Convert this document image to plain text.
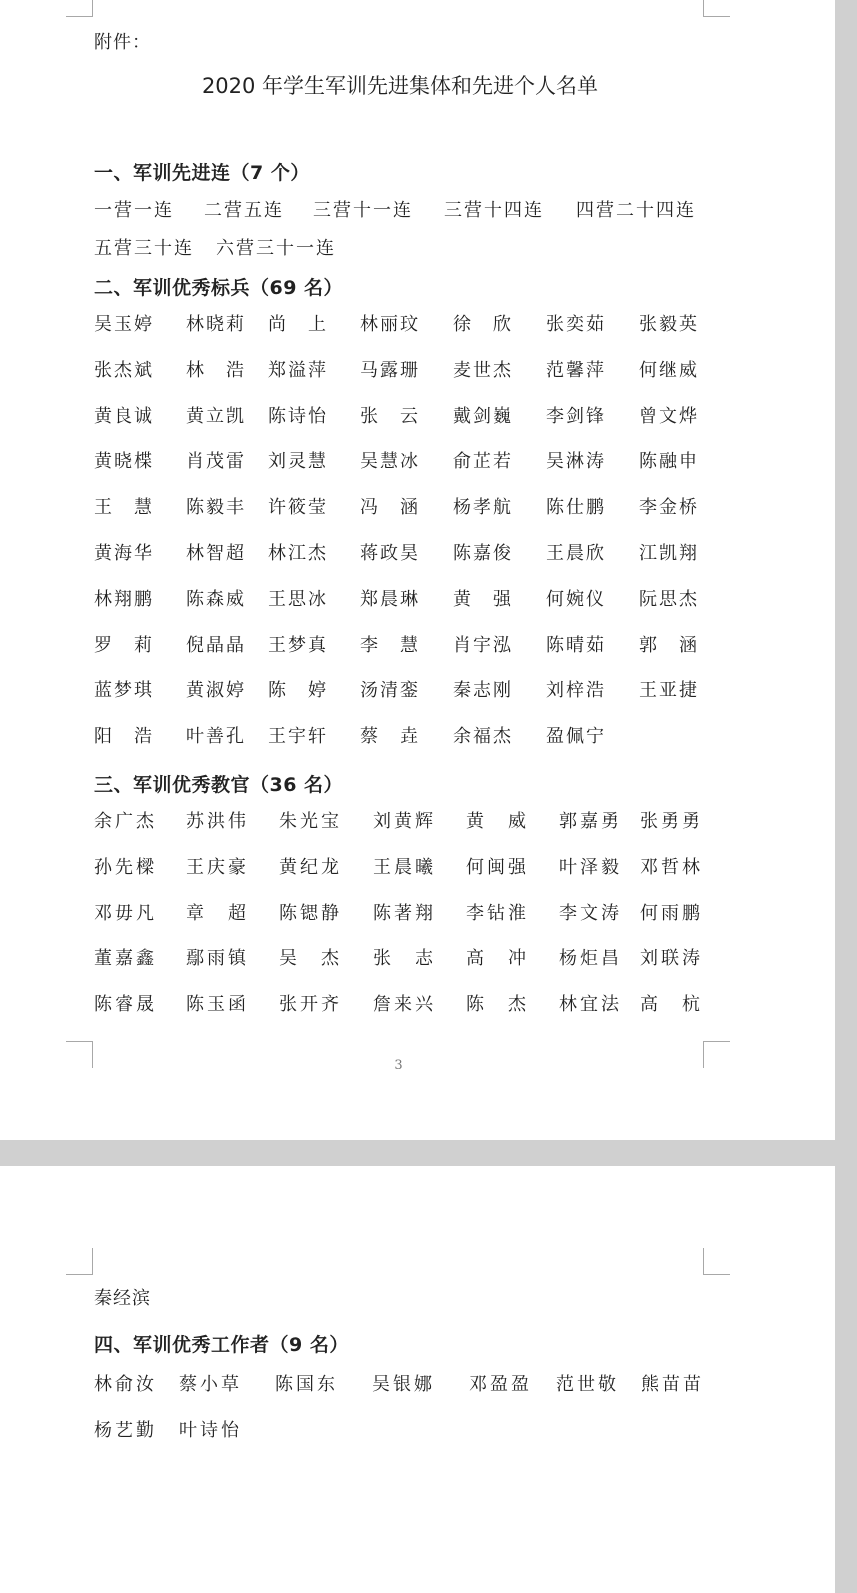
附件：
2020 年学生军训先进集体和先进个人名单
一、军训先进连（7 个）
一营一连 二营五连 三营十一连 三营十四连 四营二十四连
五营三十连 六营三十一连
二、军训优秀标兵（69 名）
吴玉婷 林晓莉 尚　上 林丽玟 徐　欣 张奕茹 张毅英
张杰斌 林　浩 郑溢萍 马露珊 麦世杰 范馨萍 何继威
黄良诚 黄立凯 陈诗怡 张　云 戴剑巍 李剑锋 曾文烨
黄晓楪 肖茂雷 刘灵慧 吴慧冰 俞芷若 吴淋涛 陈融申
王　慧 陈毅丰 许筱莹 冯　涵 杨孝航 陈仕鹏 李金桥
黄海华 林智超 林江杰 蒋政昊 陈嘉俊 王晨欣 江凯翔
林翔鹏 陈森威 王思冰 郑晨琳 黄　强 何婉仪 阮思杰
罗　莉 倪晶晶 王梦真 李　慧 肖宇泓 陈晴茹 郭　涵
蓝梦琪 黄淑婷 陈　婷 汤清銮 秦志刚 刘梓浩 王亚捷
阳　浩 叶善孔 王宇轩 蔡　垚 余福杰 盈佩宁
三、军训优秀教官（36 名）
余广杰 苏洪伟 朱光宝 刘黄辉 黄　威 郭嘉勇 张勇勇
孙先樑 王庆豪 黄纪龙 王晨曦 何闽强 叶泽毅 邓哲林
邓毋凡 章　超 陈锶静 陈著翔 李钻淮 李文涛 何雨鹏
董嘉鑫 鄢雨镇 吴　杰 张　志 高　冲 杨炬昌 刘联涛
陈睿晟 陈玉函 张开齐 詹来兴 陈　杰 林宜法 高　杭
3
秦经滨
四、军训优秀工作者（9 名）
林俞汝 蔡小草 陈国东 吴银娜 邓盈盈 范世敬 熊苗苗
杨艺勤 叶诗怡
